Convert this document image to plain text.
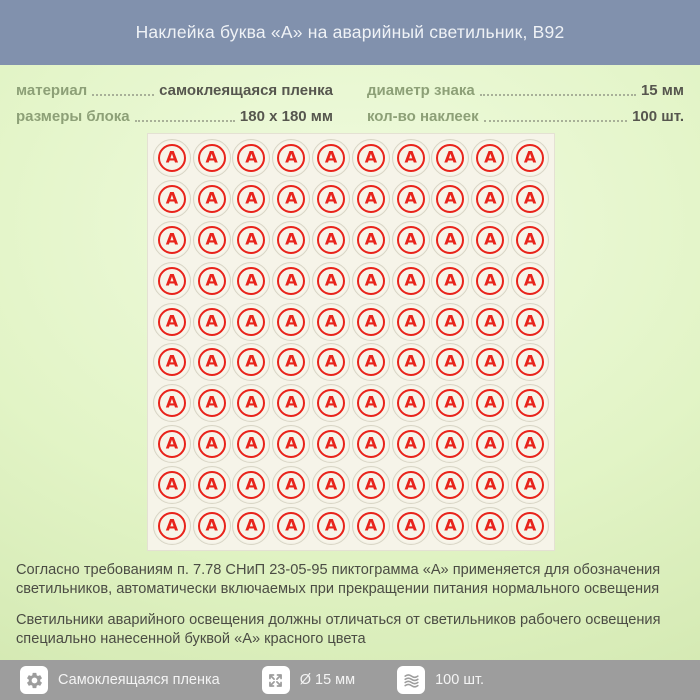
Наклейка буква «А» на аварийный светильник, B92
материал	самоклеящаяся пленка
размеры блока	180 x 180 мм
диаметр знака	15 мм
кол-во наклеек	100 шт.
А А А А А А А А А А
А А А А А А А А А А
А А А А А А А А А А
А А А А А А А А А А
А А А А А А А А А А
А А А А А А А А А А
А А А А А А А А А А
А А А А А А А А А А
А А А А А А А А А А
А А А А А А А А А А

Согласно требованиям п. 7.78 СНиП 23-05-95 пиктограмма «А» применяется для обозначения светильников, автоматически включаемых при прекращении питания нормального освещения

Светильники аварийного освещения должны отличаться от светильников рабочего освещения специально нанесенной буквой «А» красного цвета

Самоклеящаяся пленка	Ø 15 мм	100 шт.
